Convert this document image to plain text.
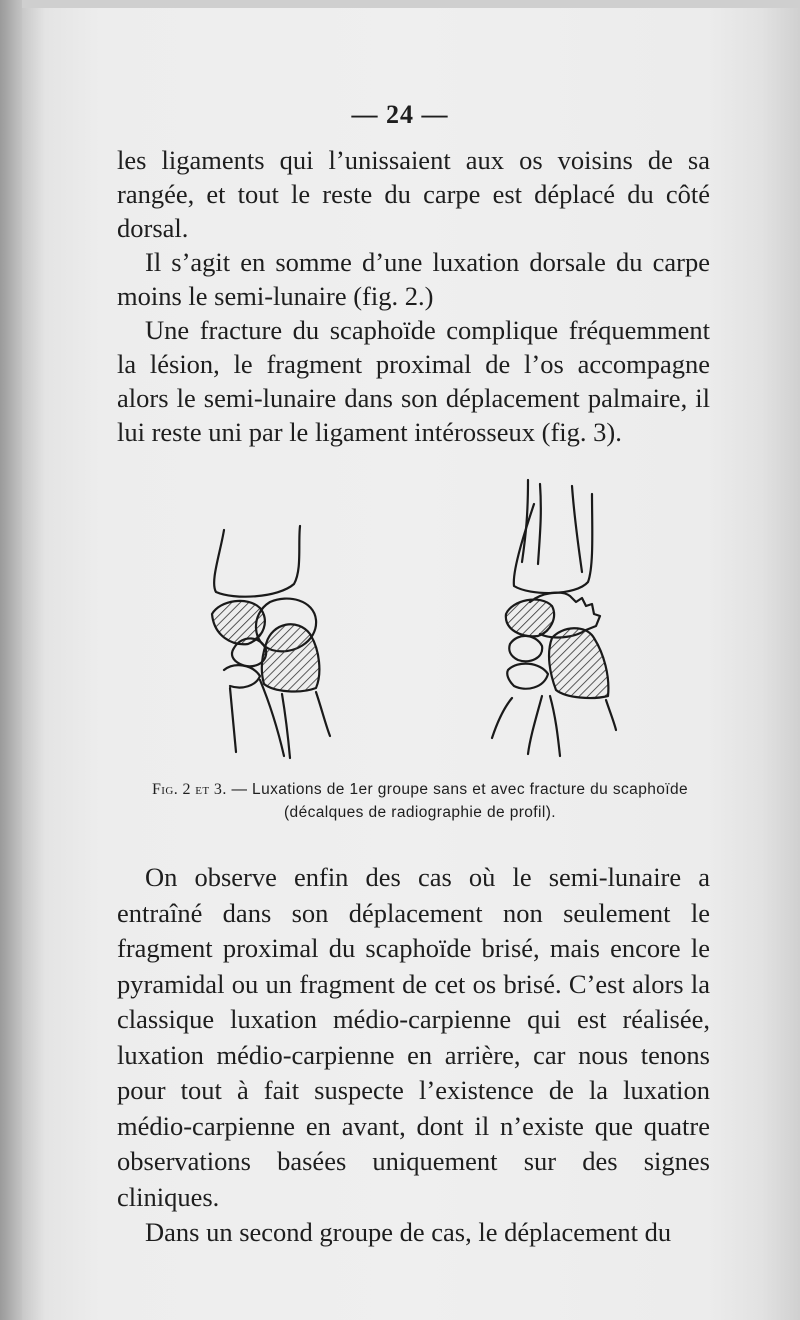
— 24 —

les ligaments qui l’unissaient aux os voisins de sa rangée, et tout le reste du carpe est déplacé du côté dorsal.

Il s’agit en somme d’une luxation dorsale du carpe moins le semi-lunaire (fig. 2.)

Une fracture du scaphoïde complique fréquemment la lésion, le fragment proximal de l’os accompagne alors le semi-lunaire dans son déplacement palmaire, il lui reste uni par le ligament intérosseux (fig. 3).

Fig. 2 et 3. — Luxations de 1er groupe sans et avec fracture du scaphoïde (décalques de radiographie de profil).

On observe enfin des cas où le semi-lunaire a entraîné dans son déplacement non seulement le fragment proximal du scaphoïde brisé, mais encore le pyramidal ou un fragment de cet os brisé. C’est alors la classique luxation médio-carpienne qui est réalisée, luxation médio-carpienne en arrière, car nous tenons pour tout à fait suspecte l’existence de la luxation médio-carpienne en avant, dont il n’existe que quatre observations basées uniquement sur des signes cliniques.

Dans un second groupe de cas, le déplacement du
